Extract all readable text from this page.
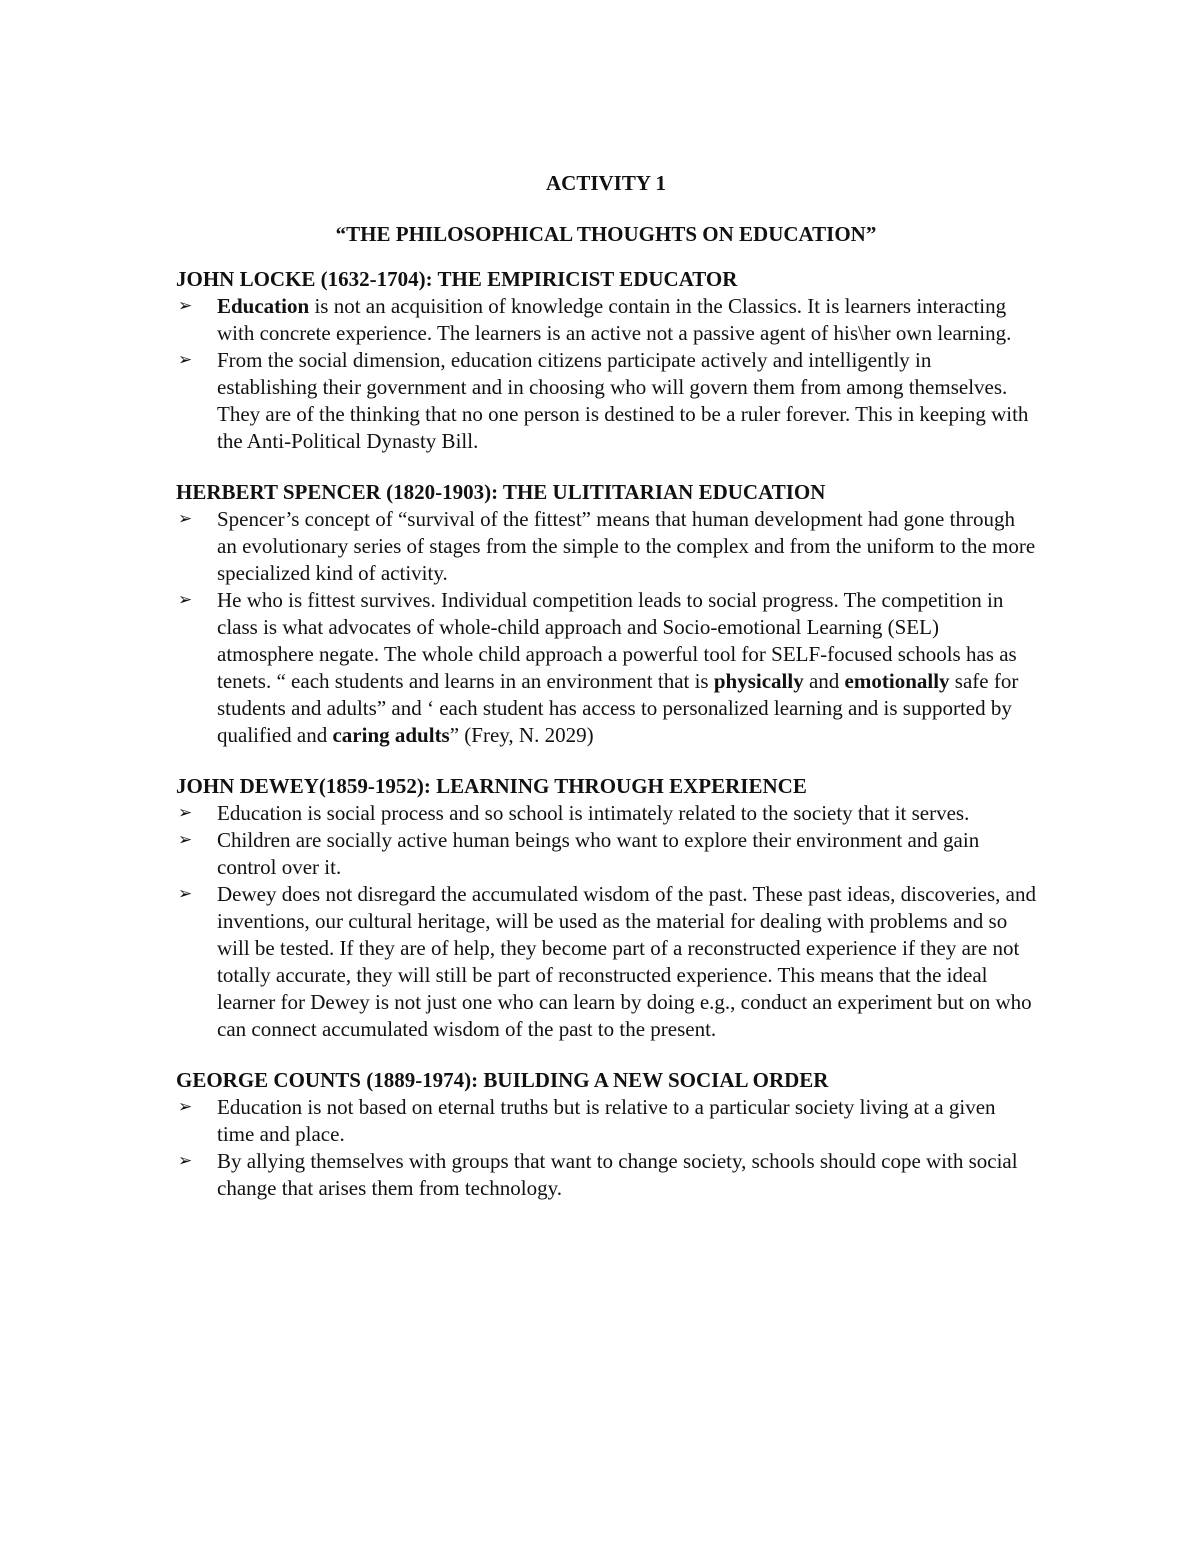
ACTIVITY 1

“THE PHILOSOPHICAL THOUGHTS ON EDUCATION”

JOHN LOCKE (1632-1704): THE EMPIRICIST EDUCATOR

➢ Education is not an acquisition of knowledge contain in the Classics. It is learners interacting with concrete experience. The learners is an active not a passive agent of his\her own learning.
➢ From the social dimension, education citizens participate actively and intelligently in establishing their government and in choosing who will govern them from among themselves. They are of the thinking that no one person is destined to be a ruler forever. This in keeping with the Anti-Political Dynasty Bill.

HERBERT SPENCER (1820-1903): THE ULITITARIAN EDUCATION

➢ Spencer’s concept of “survival of the fittest” means that human development had gone through an evolutionary series of stages from the simple to the complex and from the uniform to the more specialized kind of activity.
➢ He who is fittest survives. Individual competition leads to social progress. The competition in class is what advocates of whole-child approach and Socio-emotional Learning (SEL) atmosphere negate. The whole child approach a powerful tool for SELF-focused schools has as tenets. “ each students and learns in an environment that is physically and emotionally safe for students and adults” and ‘ each student has access to personalized learning and is supported by qualified and caring adults” (Frey, N. 2029)

JOHN DEWEY(1859-1952): LEARNING THROUGH EXPERIENCE

➢ Education is social process and so school is intimately related to the society that it serves.
➢ Children are socially active human beings who want to explore their environment and gain control over it.
➢ Dewey does not disregard the accumulated wisdom of the past. These past ideas, discoveries, and inventions, our cultural heritage, will be used as the material for dealing with problems and so will be tested. If they are of help, they become part of a reconstructed experience if they are not totally accurate, they will still be part of reconstructed experience. This means that the ideal learner for Dewey is not just one who can learn by doing e.g., conduct an experiment but on who can connect accumulated wisdom of the past to the present.

GEORGE COUNTS (1889-1974): BUILDING A NEW SOCIAL ORDER

➢ Education is not based on eternal truths but is relative to a particular society living at a given time and place.
➢ By allying themselves with groups that want to change society, schools should cope with social change that arises them from technology.
